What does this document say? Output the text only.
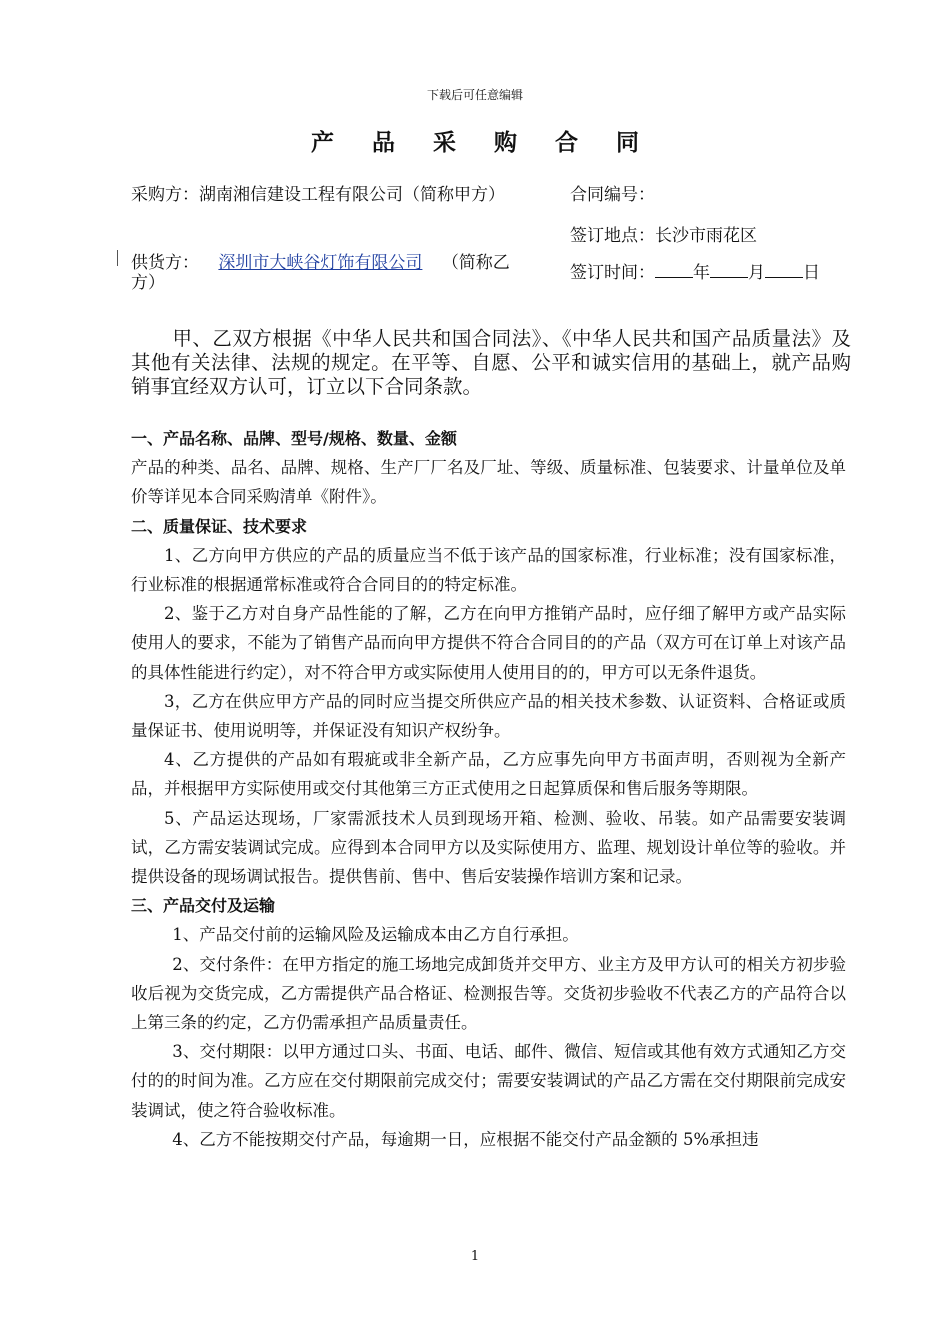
下载后可任意编辑
产品采购合同
采购方：湖南湘信建设工程有限公司（简称甲方）	合同编号：
签订地点：长沙市雨花区
供货方： 深圳市大峡谷灯饰有限公司 （简称乙
方）	签订时间： 年 月 日
甲、乙双方根据《中华人民共和国合同法》、《中华人民共和国产品质量法》及其他有关法律、法规的规定。在平等、自愿、公平和诚实信用的基础上，就产品购销事宜经双方认可，订立以下合同条款。

一、产品名称、品牌、型号/规格、数量、金额

产品的种类、品名、品牌、规格、生产厂厂名及厂址、等级、质量标准、包装要求、计量单位及单价等详见本合同采购清单《附件》。

二、质量保证、技术要求

1、乙方向甲方供应的产品的质量应当不低于该产品的国家标准，行业标准；没有国家标准，行业标准的根据通常标准或符合合同目的的特定标准。

2、鉴于乙方对自身产品性能的了解，乙方在向甲方推销产品时，应仔细了解甲方或产品实际使用人的要求，不能为了销售产品而向甲方提供不符合合同目的的产品（双方可在订单上对该产品的具体性能进行约定），对不符合甲方或实际使用人使用目的的，甲方可以无条件退货。

3，乙方在供应甲方产品的同时应当提交所供应产品的相关技术参数、认证资料、合格证或质量保证书、使用说明等，并保证没有知识产权纷争。

4、乙方提供的产品如有瑕疵或非全新产品，乙方应事先向甲方书面声明，否则视为全新产品，并根据甲方实际使用或交付其他第三方正式使用之日起算质保和售后服务等期限。

5、产品运达现场，厂家需派技术人员到现场开箱、检测、验收、吊装。如产品需要安装调试，乙方需安装调试完成。应得到本合同甲方以及实际使用方、监理、规划设计单位等的验收。并提供设备的现场调试报告。提供售前、售中、售后安装操作培训方案和记录。

三、产品交付及运输

1、产品交付前的运输风险及运输成本由乙方自行承担。

2、交付条件：在甲方指定的施工场地完成卸货并交甲方、业主方及甲方认可的相关方初步验收后视为交货完成，乙方需提供产品合格证、检测报告等。交货初步验收不代表乙方的产品符合以上第三条的约定，乙方仍需承担产品质量责任。

3、交付期限：以甲方通过口头、书面、电话、邮件、微信、短信或其他有效方式通知乙方交付的的时间为准。乙方应在交付期限前完成交付；需要安装调试的产品乙方需在交付期限前完成安装调试，使之符合验收标准。

4、乙方不能按期交付产品，每逾期一日，应根据不能交付产品金额的 5%承担违

1
